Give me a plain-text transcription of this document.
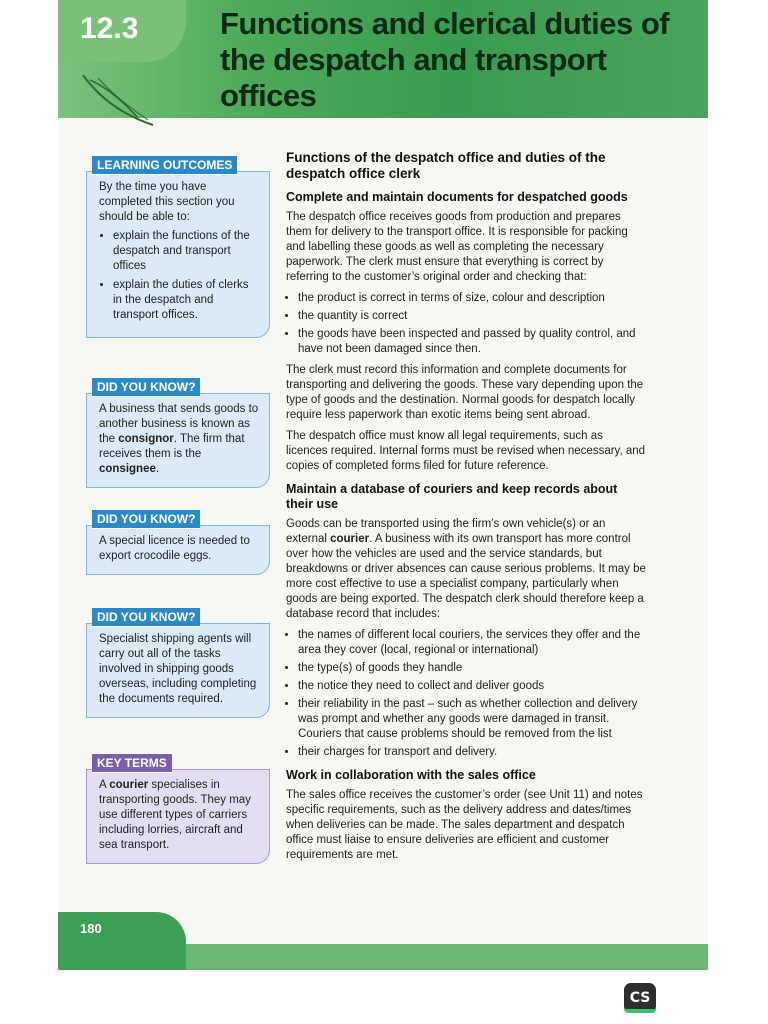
12.3	Functions and clerical duties of the despatch and transport offices
LEARNING OUTCOMES
By the time you have completed this section you should be able to:
• explain the functions of the despatch and transport offices
• explain the duties of clerks in the despatch and transport offices.
DID YOU KNOW?
A business that sends goods to another business is known as the consignor. The firm that receives them is the consignee.
DID YOU KNOW?
A special licence is needed to export crocodile eggs.
DID YOU KNOW?
Specialist shipping agents will carry out all of the tasks involved in shipping goods overseas, including completing the documents required.
KEY TERMS
A courier specialises in transporting goods. They may use different types of carriers including lorries, aircraft and sea transport.
Functions of the despatch office and duties of the despatch office clerk
Complete and maintain documents for despatched goods

The despatch office receives goods from production and prepares them for delivery to the transport office. It is responsible for packing and labelling these goods as well as completing the necessary paperwork. The clerk must ensure that everything is correct by referring to the customer’s original order and checking that:

• the product is correct in terms of size, colour and description
• the quantity is correct
• the goods have been inspected and passed by quality control, and have not been damaged since then.

The clerk must record this information and complete documents for transporting and delivering the goods. These vary depending upon the type of goods and the destination. Normal goods for despatch locally require less paperwork than exotic items being sent abroad.

The despatch office must know all legal requirements, such as licences required. Internal forms must be revised when necessary, and copies of completed forms filed for future reference.

Maintain a database of couriers and keep records about their use

Goods can be transported using the firm’s own vehicle(s) or an external courier. A business with its own transport has more control over how the vehicles are used and the service standards, but breakdowns or driver absences can cause serious problems. It may be more cost effective to use a specialist company, particularly when goods are being exported. The despatch clerk should therefore keep a database record that includes:

• the names of different local couriers, the services they offer and the area they cover (local, regional or international)
• the type(s) of goods they handle
• the notice they need to collect and deliver goods
• their reliability in the past – such as whether collection and delivery was prompt and whether any goods were damaged in transit. Couriers that cause problems should be removed from the list
• their charges for transport and delivery.
Work in collaboration with the sales office

The sales office receives the customer’s order (see Unit 11) and notes specific requirements, such as the delivery address and dates/times when deliveries can be made. The sales department and despatch office must liaise to ensure deliveries are efficient and customer requirements are met.

180
CS
